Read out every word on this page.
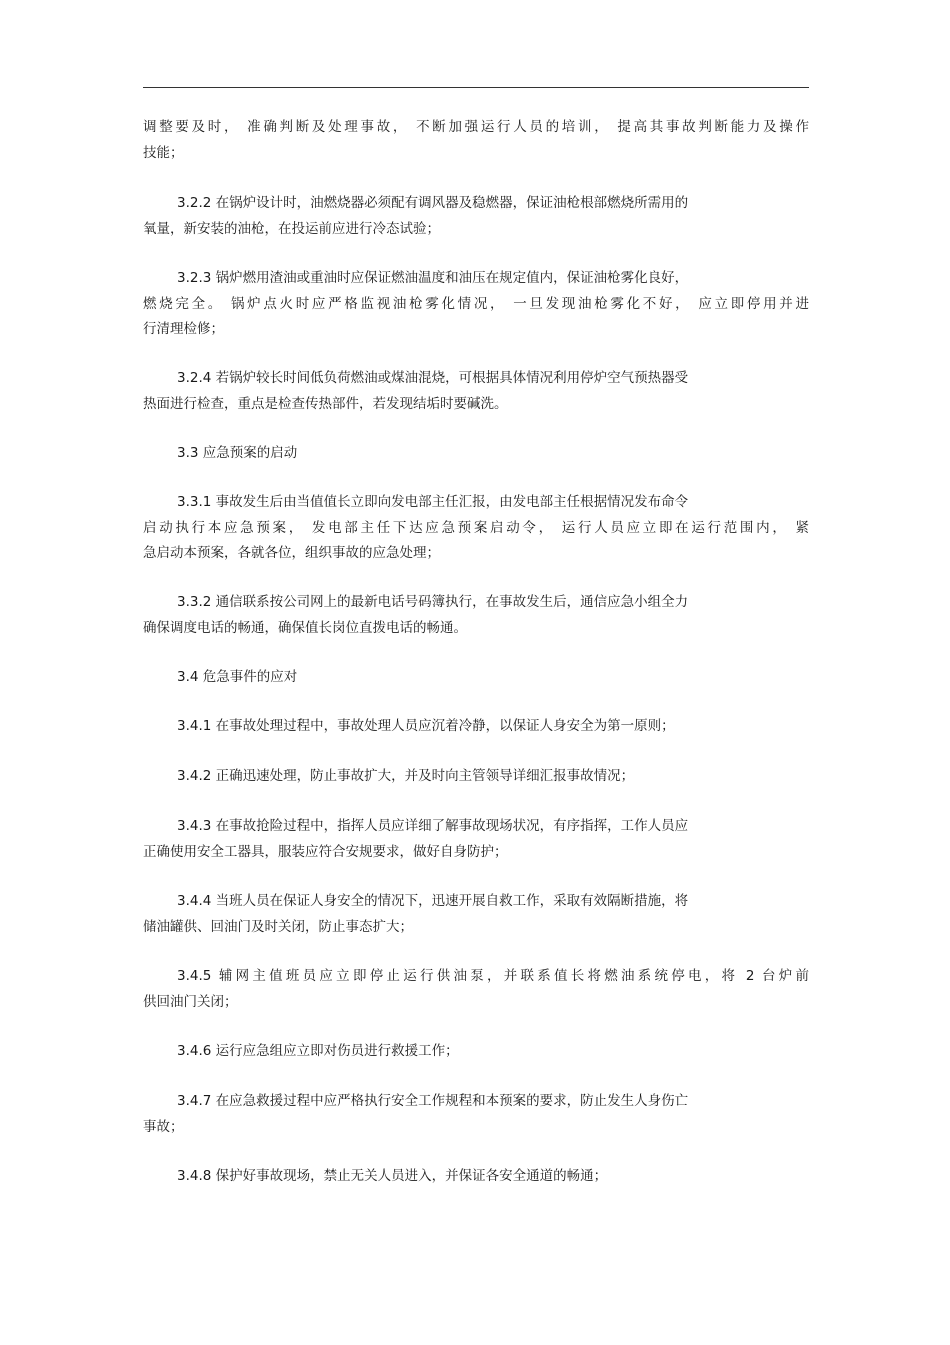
调整要及时， 准确判断及处理事故， 不断加强运行人员的培训， 提高其事故判断能力及操作
技能；
3.2.2 在锅炉设计时，油燃烧器必须配有调风器及稳燃器，保证油枪根部燃烧所需用的
氧量，新安装的油枪，在投运前应进行冷态试验；
3.2.3 锅炉燃用渣油或重油时应保证燃油温度和油压在规定值内，保证油枪雾化良好，
燃烧完全。 锅炉点火时应严格监视油枪雾化情况， 一旦发现油枪雾化不好， 应立即停用并进
行清理检修；
3.2.4 若锅炉较长时间低负荷燃油或煤油混烧，可根据具体情况利用停炉空气预热器受
热面进行检查，重点是检查传热部件，若发现结垢时要碱洗。
3.3 应急预案的启动
3.3.1 事故发生后由当值值长立即向发电部主任汇报，由发电部主任根据情况发布命令
启动执行本应急预案， 发电部主任下达应急预案启动令， 运行人员应立即在运行范围内， 紧
急启动本预案，各就各位，组织事故的应急处理；
3.3.2 通信联系按公司网上的最新电话号码簿执行，在事故发生后，通信应急小组全力
确保调度电话的畅通，确保值长岗位直拨电话的畅通。
3.4 危急事件的应对
3.4.1 在事故处理过程中，事故处理人员应沉着冷静，以保证人身安全为第一原则；
3.4.2 正确迅速处理，防止事故扩大，并及时向主管领导详细汇报事故情况；
3.4.3 在事故抢险过程中，指挥人员应详细了解事故现场状况，有序指挥，工作人员应
正确使用安全工器具，服装应符合安规要求，做好自身防护；
3.4.4 当班人员在保证人身安全的情况下，迅速开展自救工作，采取有效隔断措施，将
储油罐供、回油门及时关闭，防止事态扩大；
3.4.5 辅网主值班员应立即停止运行供油泵，并联系值长将燃油系统停电，将 2 台炉前
供回油门关闭；
3.4.6 运行应急组应立即对伤员进行救援工作；
3.4.7 在应急救援过程中应严格执行安全工作规程和本预案的要求，防止发生人身伤亡
事故；
3.4.8 保护好事故现场，禁止无关人员进入，并保证各安全通道的畅通；
